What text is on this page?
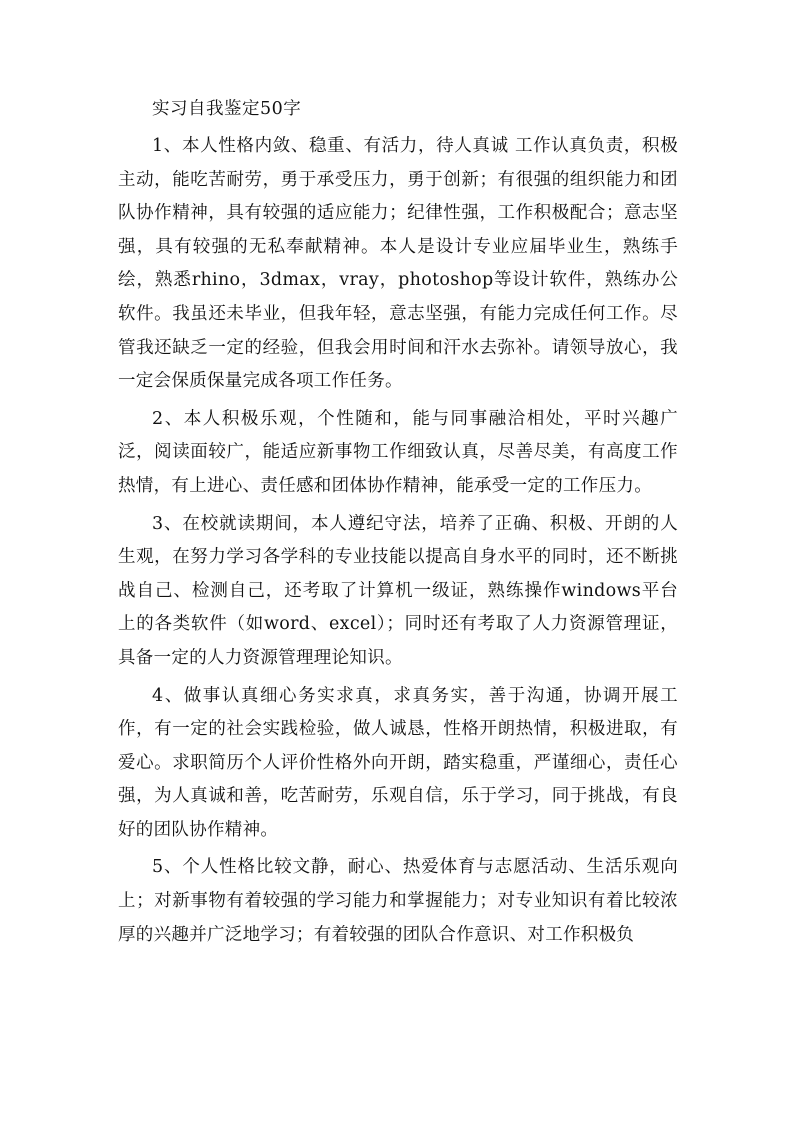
实习自我鉴定50字

1、本人性格内敛、稳重、有活力，待人真诚 工作认真负责，积极主动，能吃苦耐劳，勇于承受压力，勇于创新；有很强的组织能力和团队协作精神，具有较强的适应能力；纪律性强，工作积极配合；意志坚强，具有较强的无私奉献精神。本人是设计专业应届毕业生，熟练手绘，熟悉rhino，3dmax，vray，photoshop等设计软件，熟练办公软件。我虽还未毕业，但我年轻，意志坚强，有能力完成任何工作。尽管我还缺乏一定的经验，但我会用时间和汗水去弥补。请领导放心，我一定会保质保量完成各项工作任务。

2、本人积极乐观，个性随和，能与同事融洽相处，平时兴趣广泛，阅读面较广，能适应新事物工作细致认真，尽善尽美，有高度工作热情，有上进心、责任感和团体协作精神，能承受一定的工作压力。

3、在校就读期间，本人遵纪守法，培养了正确、积极、开朗的人生观，在努力学习各学科的专业技能以提高自身水平的同时，还不断挑战自己、检测自己，还考取了计算机一级证，熟练操作windows平台上的各类软件（如word、excel）；同时还有考取了人力资源管理证，具备一定的人力资源管理理论知识。

4、做事认真细心务实求真，求真务实，善于沟通，协调开展工作，有一定的社会实践检验，做人诚恳，性格开朗热情，积极进取，有爱心。求职简历个人评价性格外向开朗，踏实稳重，严谨细心，责任心强，为人真诚和善，吃苦耐劳，乐观自信，乐于学习，同于挑战，有良好的团队协作精神。

5、个人性格比较文静，耐心、热爱体育与志愿活动、生活乐观向上；对新事物有着较强的学习能力和掌握能力；对专业知识有着比较浓厚的兴趣并广泛地学习；有着较强的团队合作意识、对工作积极负
